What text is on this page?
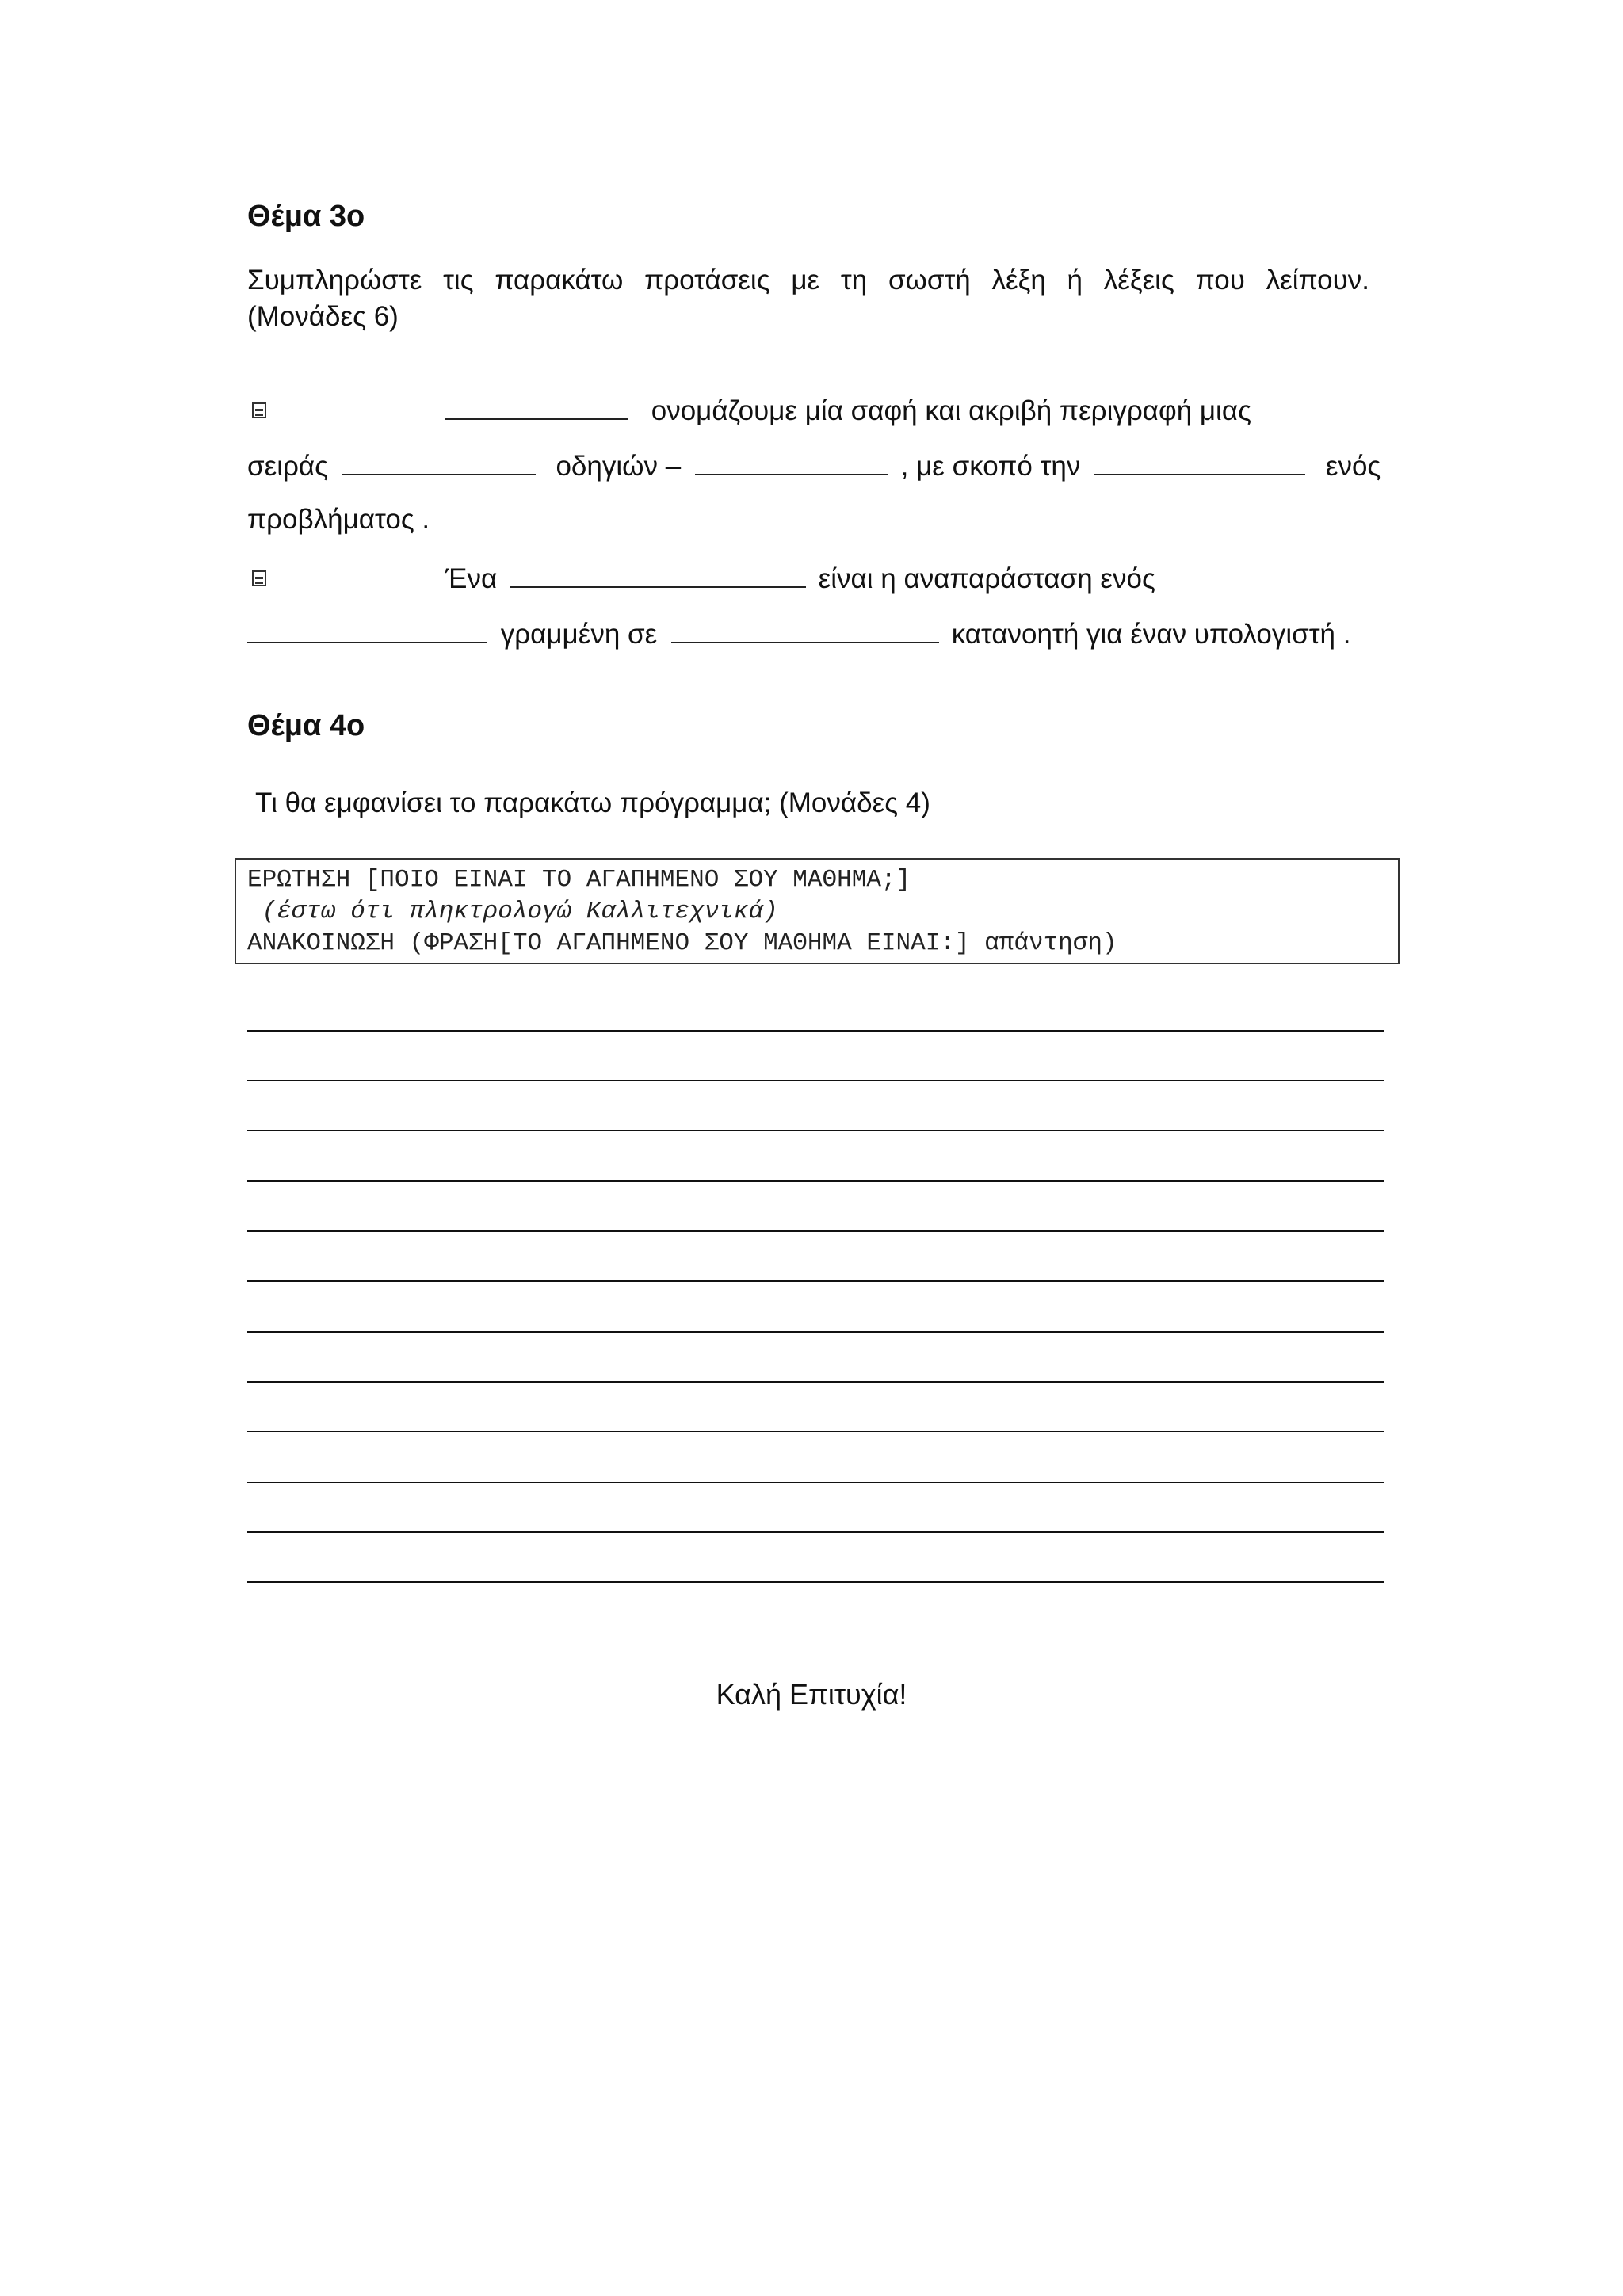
Θέμα 3ο
Συμπληρώστε τις παρακάτω προτάσεις με τη σωστή λέξη ή λέξεις που λείπουν.
(Μονάδες 6)
ονομάζουμε μία σαφή και ακριβή περιγραφή μιας
σειράς	οδηγιών –	, με σκοπό την	ενός
προβλήματος .
Ένα	είναι η αναπαράσταση ενός
γραμμένη σε	κατανοητή για έναν υπολογιστή .
Θέμα 4ο
Τι θα εμφανίσει το παρακάτω πρόγραμμα; (Μονάδες 4)
ΕΡΩΤΗΣΗ [ΠΟΙΟ ΕΙΝΑΙ ΤΟ ΑΓΑΠΗΜΕΝΟ ΣΟΥ ΜΑΘΗΜΑ;]
(έστω ότι πληκτρολογώ Καλλιτεχνικά)
ΑΝΑΚΟΙΝΩΣΗ (ΦΡΑΣΗ[ΤΟ ΑΓΑΠΗΜΕΝΟ ΣΟΥ ΜΑΘΗΜΑ ΕΙΝΑΙ:] απάντηση)
Καλή Επιτυχία!
